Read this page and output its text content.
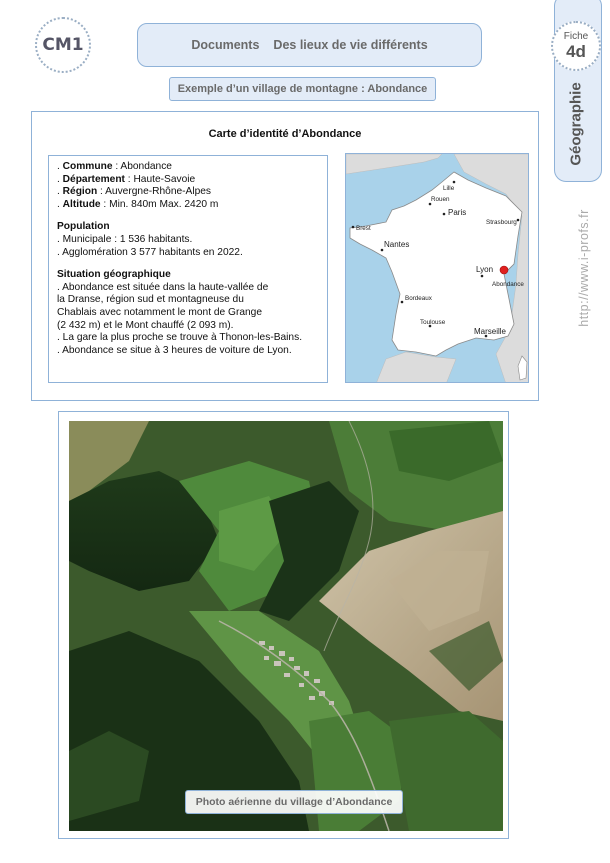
CM1	Documents Des lieux de vie différents
Exemple d’un village de montagne : Abondance
Fiche
4d
Géographie
http://www.i-profs.fr
Carte d’identité d’Abondance
. Commune : Abondance
. Département : Haute-Savoie
. Région : Auvergne-Rhône-Alpes
. Altitude : Min. 840m Max. 2420 m
Population
. Municipale : 1 536 habitants.
. Agglomération 3 577 habitants en 2022.
Situation géographique
. Abondance est située dans la haute-vallée de
la Dranse, région sud et montagneuse du
Chablais avec notamment le mont de Grange
(2 432 m) et le Mont chauffé (2 093 m).
. La gare la plus proche se trouve à Thonon-les-Bains.
. Abondance se situe à 3 heures de voiture de Lyon.
Lille
Rouen
Paris
Strasbourg
Brest
Nantes
Lyon
Abondance
Bordeaux
Toulouse
Marseille
Photo aérienne du village d’Abondance
